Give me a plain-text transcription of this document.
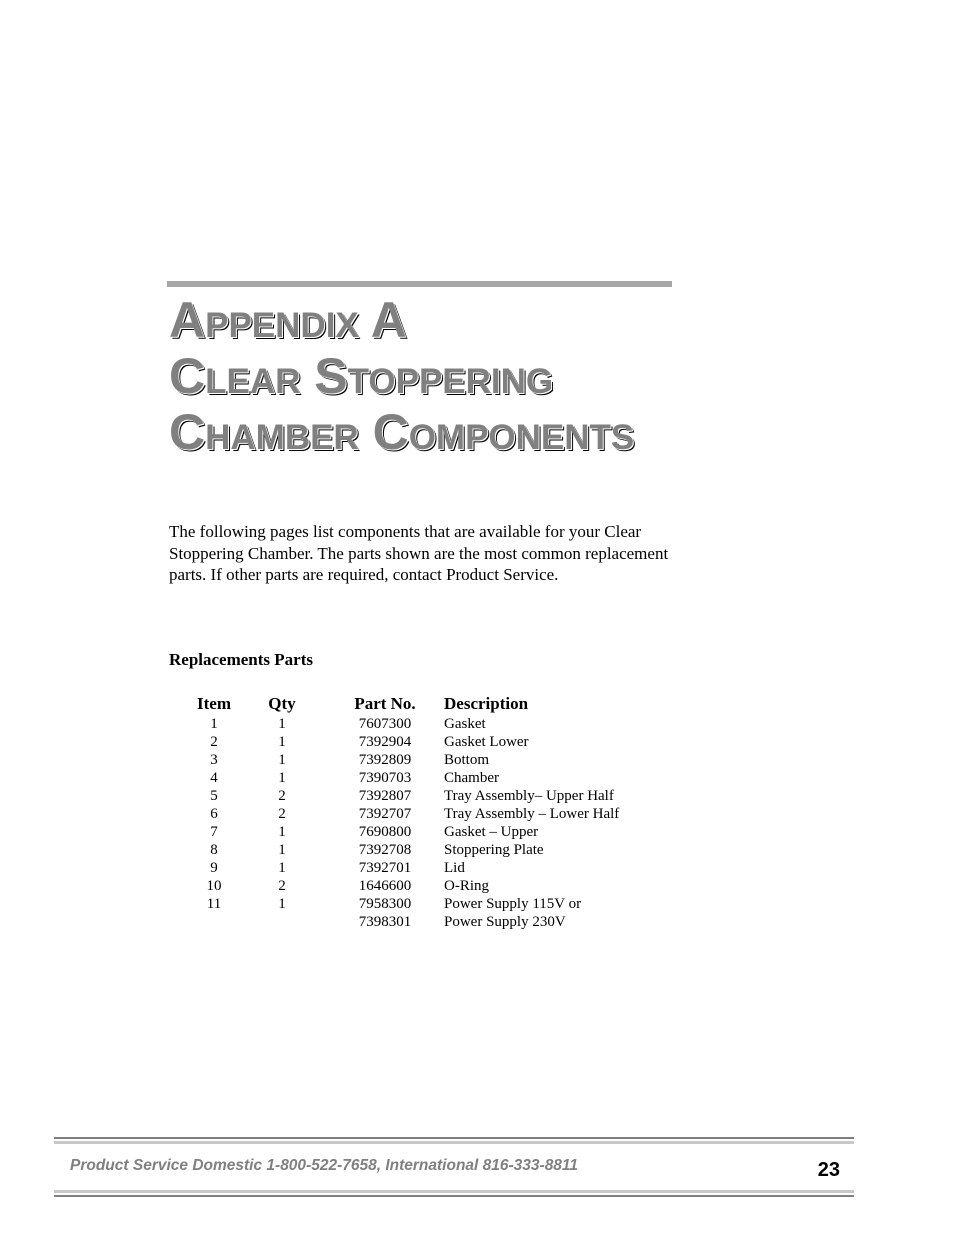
Appendix A
Clear Stoppering
Chamber Components

The following pages list components that are available for your Clear Stoppering Chamber. The parts shown are the most common replacement parts. If other parts are required, contact Product Service.

Replacements Parts

Item	Qty	Part No.	Description
1	1	7607300	Gasket
2	1	7392904	Gasket Lower
3	1	7392809	Bottom
4	1	7390703	Chamber
5	2	7392807	Tray Assembly– Upper Half
6	2	7392707	Tray Assembly – Lower Half
7	1	7690800	Gasket – Upper
8	1	7392708	Stoppering Plate
9	1	7392701	Lid
10	2	1646600	O-Ring
11	1	7958300	Power Supply 115V or
		7398301	Power Supply 230V

Product Service Domestic 1-800-522-7658, International 816-333-8811	23
